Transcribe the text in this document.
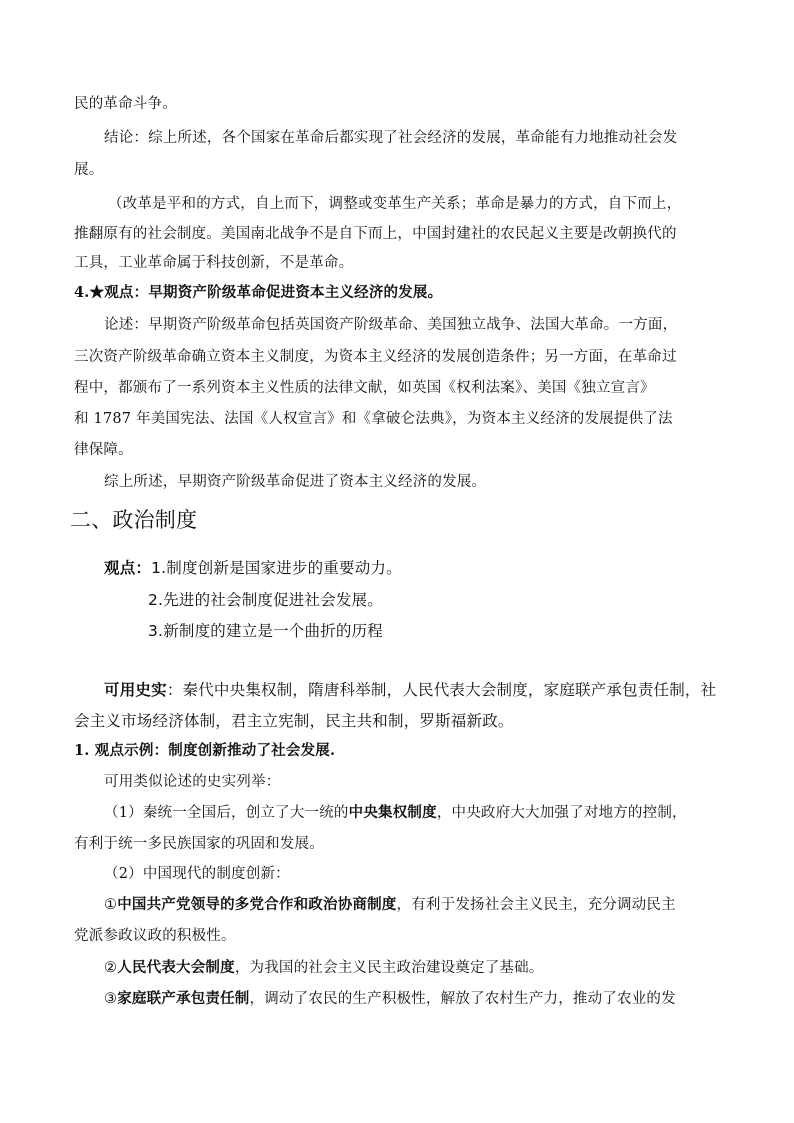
民的革命斗争。
结论：综上所述，各个国家在革命后都实现了社会经济的发展，革命能有力地推动社会发
展。
（改革是平和的方式，自上而下，调整或变革生产关系；革命是暴力的方式，自下而上，
推翻原有的社会制度。美国南北战争不是自下而上，中国封建社的农民起义主要是改朝换代的
工具，工业革命属于科技创新，不是革命。
4.★观点：早期资产阶级革命促进资本主义经济的发展。
论述：早期资产阶级革命包括英国资产阶级革命、美国独立战争、法国大革命。一方面，
三次资产阶级革命确立资本主义制度，为资本主义经济的发展创造条件；另一方面，在革命过
程中，都颁布了一系列资本主义性质的法律文献，如英国《权利法案》、美国《独立宣言》
和 1787 年美国宪法、法国《人权宣言》和《拿破仑法典》，为资本主义经济的发展提供了法
律保障。
综上所述，早期资产阶级革命促进了资本主义经济的发展。
二、政治制度
观点：1.制度创新是国家进步的重要动力。
2.先进的社会制度促进社会发展。
3.新制度的建立是一个曲折的历程
可用史实：秦代中央集权制，隋唐科举制，人民代表大会制度，家庭联产承包责任制，社
会主义市场经济体制，君主立宪制，民主共和制，罗斯福新政。
1. 观点示例：制度创新推动了社会发展.
可用类似论述的史实列举：
（1）秦统一全国后，创立了大一统的中央集权制度，中央政府大大加强了对地方的控制，
有利于统一多民族国家的巩固和发展。
（2）中国现代的制度创新：
①中国共产党领导的多党合作和政治协商制度，有利于发扬社会主义民主，充分调动民主
党派参政议政的积极性。
②人民代表大会制度，为我国的社会主义民主政治建设奠定了基础。
③家庭联产承包责任制，调动了农民的生产积极性，解放了农村生产力，推动了农业的发
